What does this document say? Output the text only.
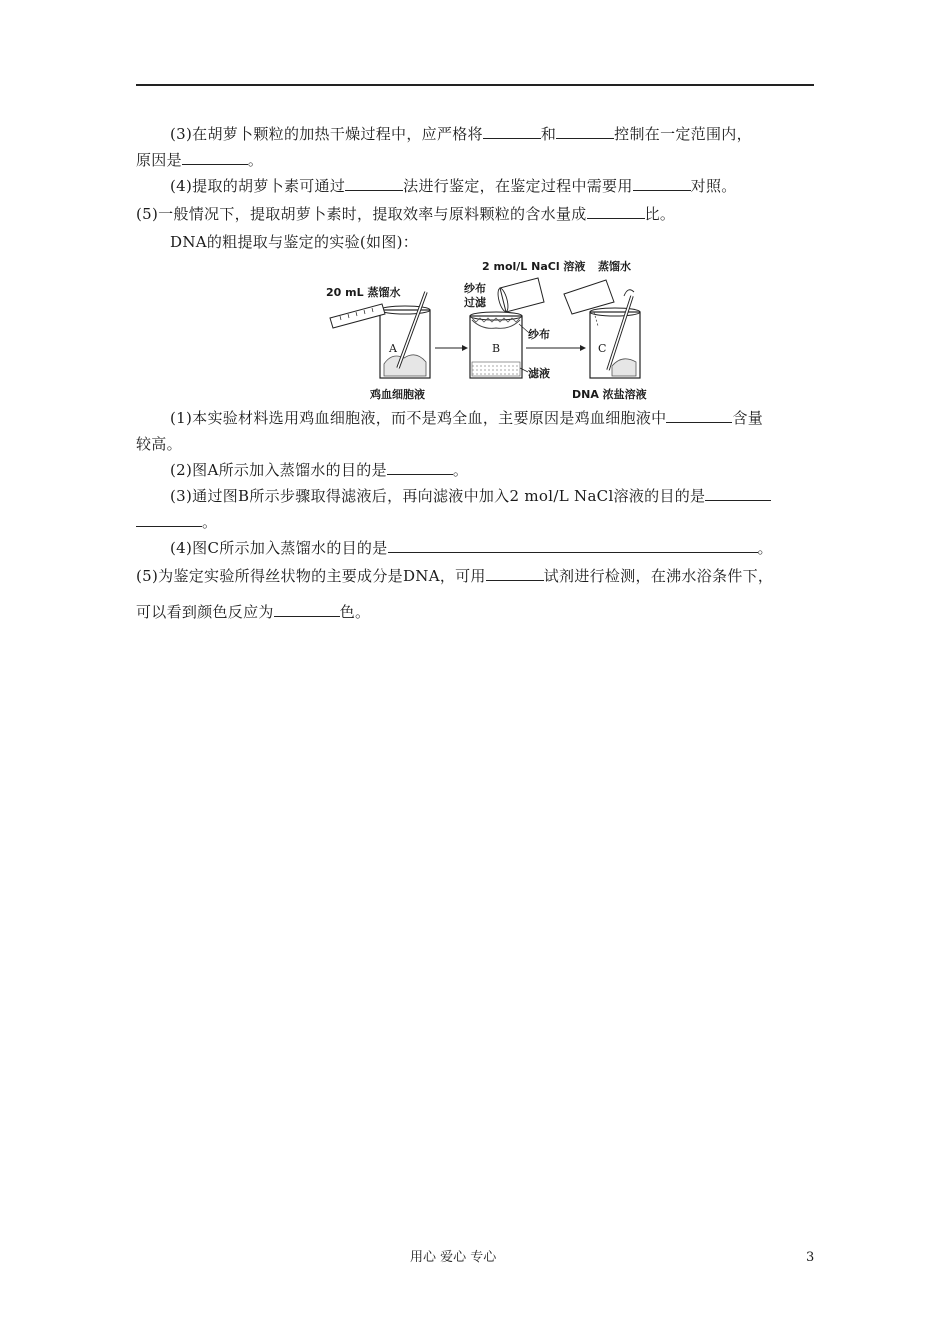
(3)在胡萝卜颗粒的加热干燥过程中，应严格将	和	控制在一定范围内，
原因是	。
(4)提取的胡萝卜素可通过	法进行鉴定，在鉴定过程中需要用	对照。
(5)一般情况下，提取胡萝卜素时，提取效率与原料颗粒的含水量成	比。
DNA的粗提取与鉴定的实验(如图)：
20 mL 蒸馏水
2 mol/L NaCl 溶液 蒸馏水
纱布
过滤
纱布
滤液
A	B	C
鸡血细胞液	DNA 浓盐溶液
(1)本实验材料选用鸡血细胞液，而不是鸡全血，主要原因是鸡血细胞液中	含量
较高。
(2)图A所示加入蒸馏水的目的是	。
(3)通过图B所示步骤取得滤液后，再向滤液中加入2 mol/L NaCl溶液的目的是
。
(4)图C所示加入蒸馏水的目的是	。
(5)为鉴定实验所得丝状物的主要成分是DNA，可用	试剂进行检测，在沸水浴条件下，
可以看到颜色反应为	色。
用心 爱心 专心	3
